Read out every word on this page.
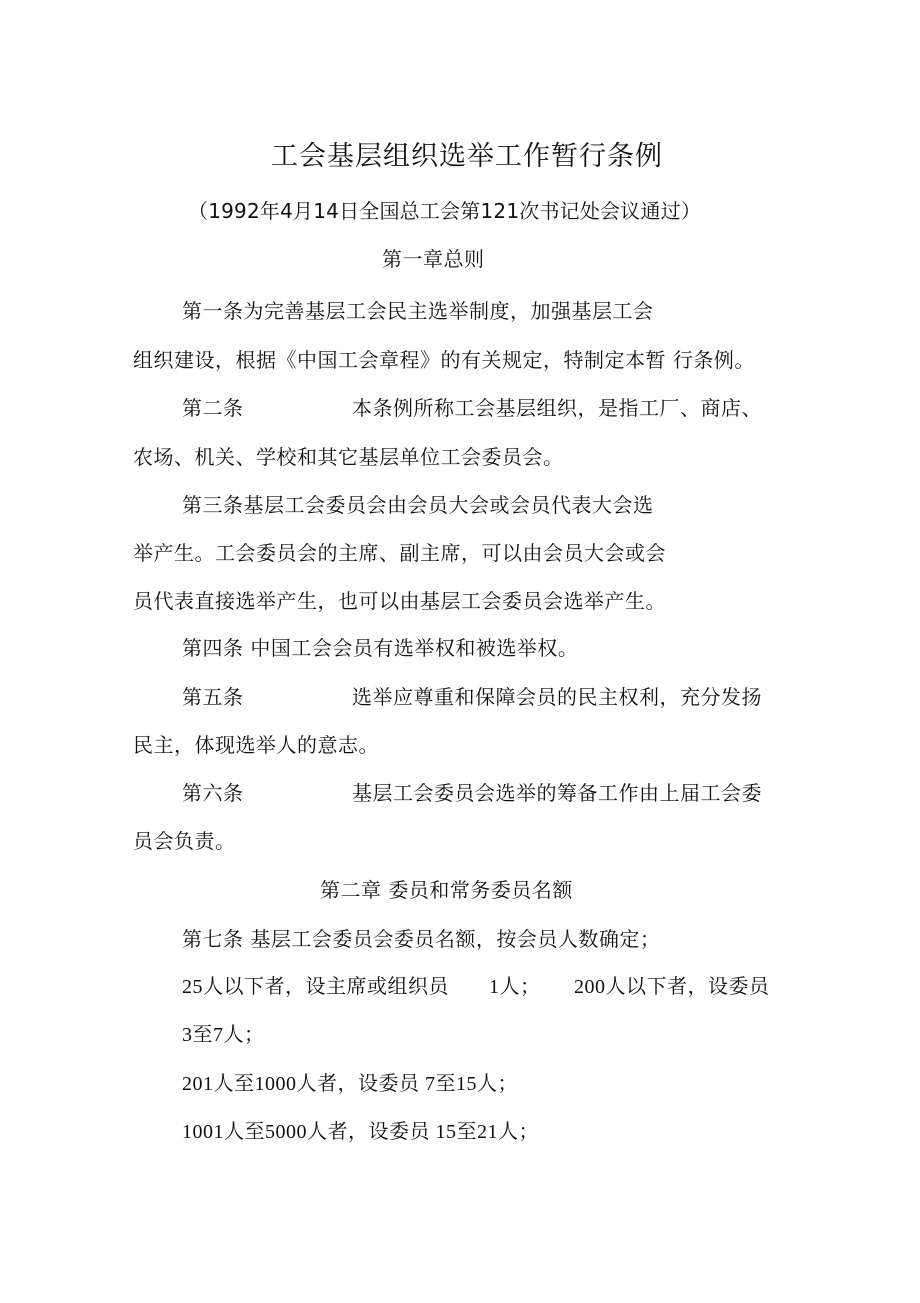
工会基层组织选举工作暂行条例
（1992年4月14日全国总工会第121次书记处会议通过）
第一章总则
第一条为完善基层工会民主选举制度，加强基层工会
组织建设，根据《中国工会章程》的有关规定，特制定本暂 行条例。
第二条	本条例所称工会基层组织，是指工厂、商店、
农场、机关、学校和其它基层单位工会委员会。
第三条基层工会委员会由会员大会或会员代表大会选
举产生。工会委员会的主席、副主席，可以由会员大会或会
员代表直接选举产生，也可以由基层工会委员会选举产生。
第四条 中国工会会员有选举权和被选举权。
第五条	选举应尊重和保障会员的民主权利，充分发扬
民主，体现选举人的意志。
第六条	基层工会委员会选举的筹备工作由上届工会委
员会负责。
第二章 委员和常务委员名额
第七条 基层工会委员会委员名额，按会员人数确定；
25人以下者，设主席或组织员 1人； 200人以下者，设委员
3至7人；
201人至1000人者，设委员 7至15人；
1001人至5000人者，设委员 15至21人；
